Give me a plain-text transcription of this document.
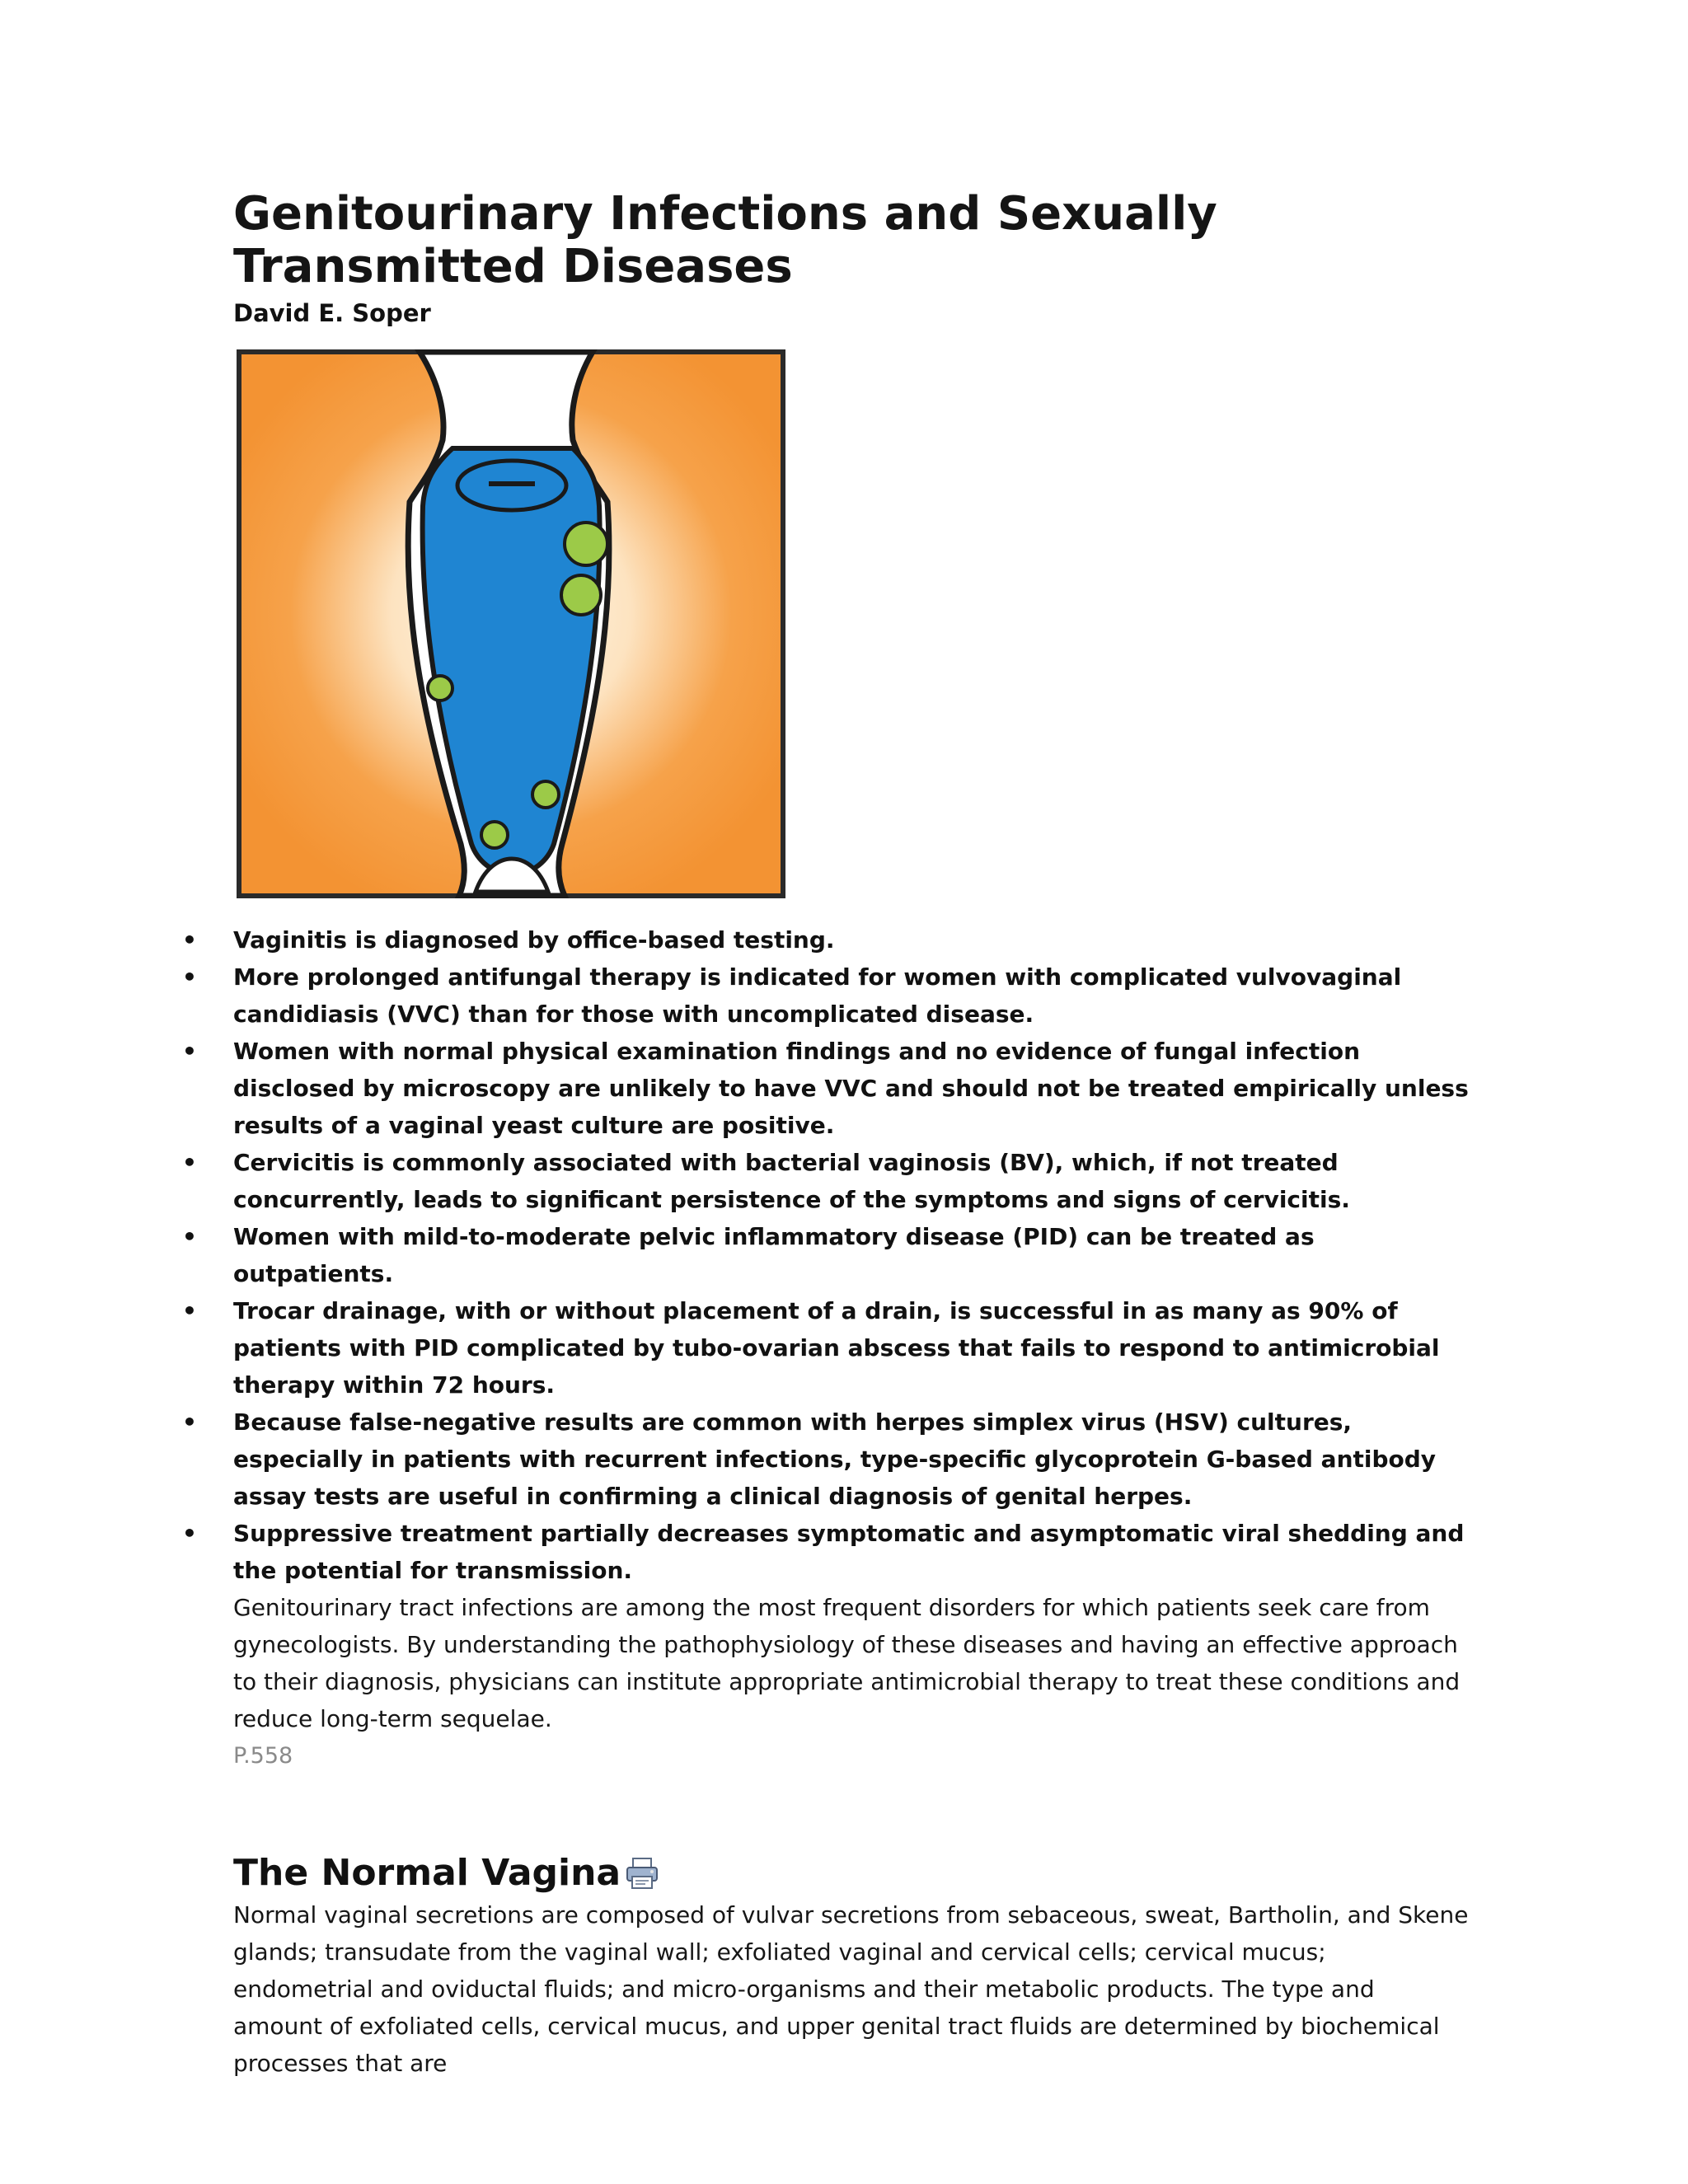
Genitourinary Infections and Sexually Transmitted Diseases
David E. Soper
• Vaginitis is diagnosed by office-based testing.
• More prolonged antifungal therapy is indicated for women with complicated vulvovaginal candidiasis (VVC) than for those with uncomplicated disease.
• Women with normal physical examination findings and no evidence of fungal infection disclosed by microscopy are unlikely to have VVC and should not be treated empirically unless results of a vaginal yeast culture are positive.
• Cervicitis is commonly associated with bacterial vaginosis (BV), which, if not treated concurrently, leads to significant persistence of the symptoms and signs of cervicitis.
• Women with mild-to-moderate pelvic inflammatory disease (PID) can be treated as outpatients.
• Trocar drainage, with or without placement of a drain, is successful in as many as 90% of patients with PID complicated by tubo-ovarian abscess that fails to respond to antimicrobial therapy within 72 hours.
• Because false-negative results are common with herpes simplex virus (HSV) cultures, especially in patients with recurrent infections, type-specific glycoprotein G-based antibody assay tests are useful in confirming a clinical diagnosis of genital herpes.
• Suppressive treatment partially decreases symptomatic and asymptomatic viral shedding and the potential for transmission.

Genitourinary tract infections are among the most frequent disorders for which patients seek care from gynecologists. By understanding the pathophysiology of these diseases and having an effective approach to their diagnosis, physicians can institute appropriate antimicrobial therapy to treat these conditions and reduce long-term sequelae.

P.558

The Normal Vagina

Normal vaginal secretions are composed of vulvar secretions from sebaceous, sweat, Bartholin, and Skene glands; transudate from the vaginal wall; exfoliated vaginal and cervical cells; cervical mucus; endometrial and oviductal fluids; and micro-organisms and their metabolic products. The type and amount of exfoliated cells, cervical mucus, and upper genital tract fluids are determined by biochemical processes that are
